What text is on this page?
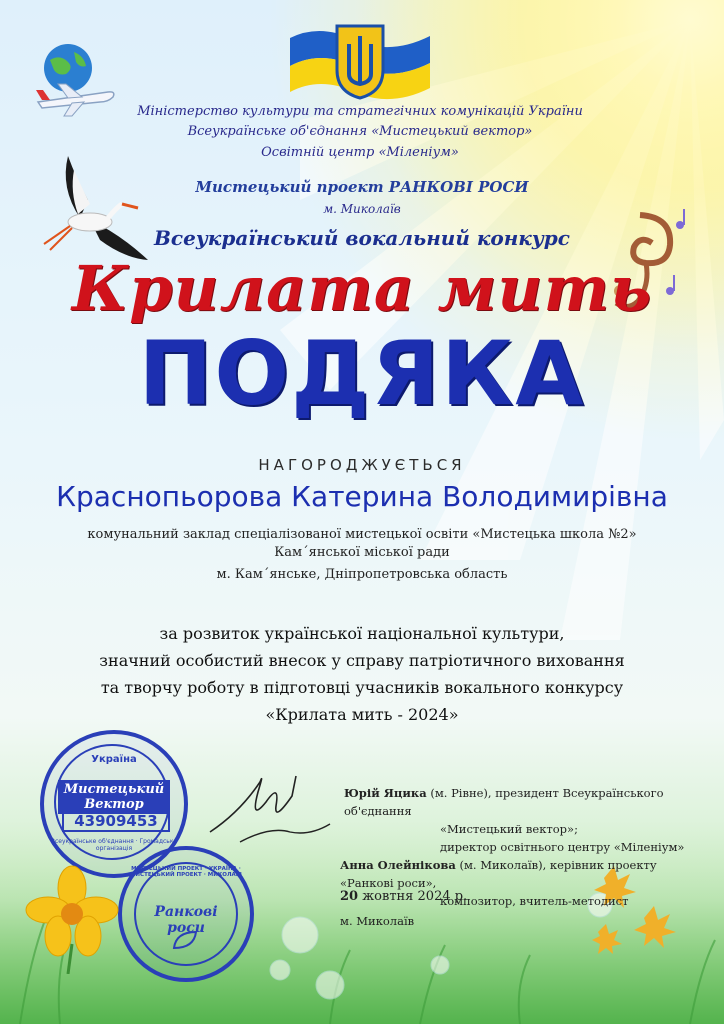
Міністерство культури та стратегічних комунікацій України
Всеукраїнське об'єднання «Мистецький вектор»
Освітній центр «Міленіум»
Мистецький проект РАНКОВІ РОСИ
м. Миколаїв
Всеукраїнський вокальний конкурс
Крилата мить
ПОДЯКА
НАГОРОДЖУЄТЬСЯ
Краснопьорова Катерина Володимирівна
комунальний заклад спеціалізованої мистецької освіти «Мистецька школа №2»
Кам´янської міської ради
м. Кам´янське, Дніпропетровська область
за розвиток української національної культури,
значний особистий внесок у справу патріотичного виховання
та творчу роботу в підготовці учасників вокального конкурсу
«Крилата мить - 2024»
Україна
Мистецький Вектор
43909453
Всеукраїнське об'єднання · Громадська організація
МИСТЕЦЬКИЙ ПРОЕКТ · УКРАЇНА · МИСТЕЦЬКИЙ ПРОЕКТ · МИКОЛАЇВ
Ранкові роси
Юрій Яцика (м. Рівне), президент Всеукраїнського об'єднання
«Мистецький вектор»;
директор освітнього центру «Міленіум»
Анна Олейнікова (м. Миколаїв), керівник проекту «Ранкові роси»,
композитор, вчитель-методист
20 жовтня 2024 р.
м. Миколаїв
